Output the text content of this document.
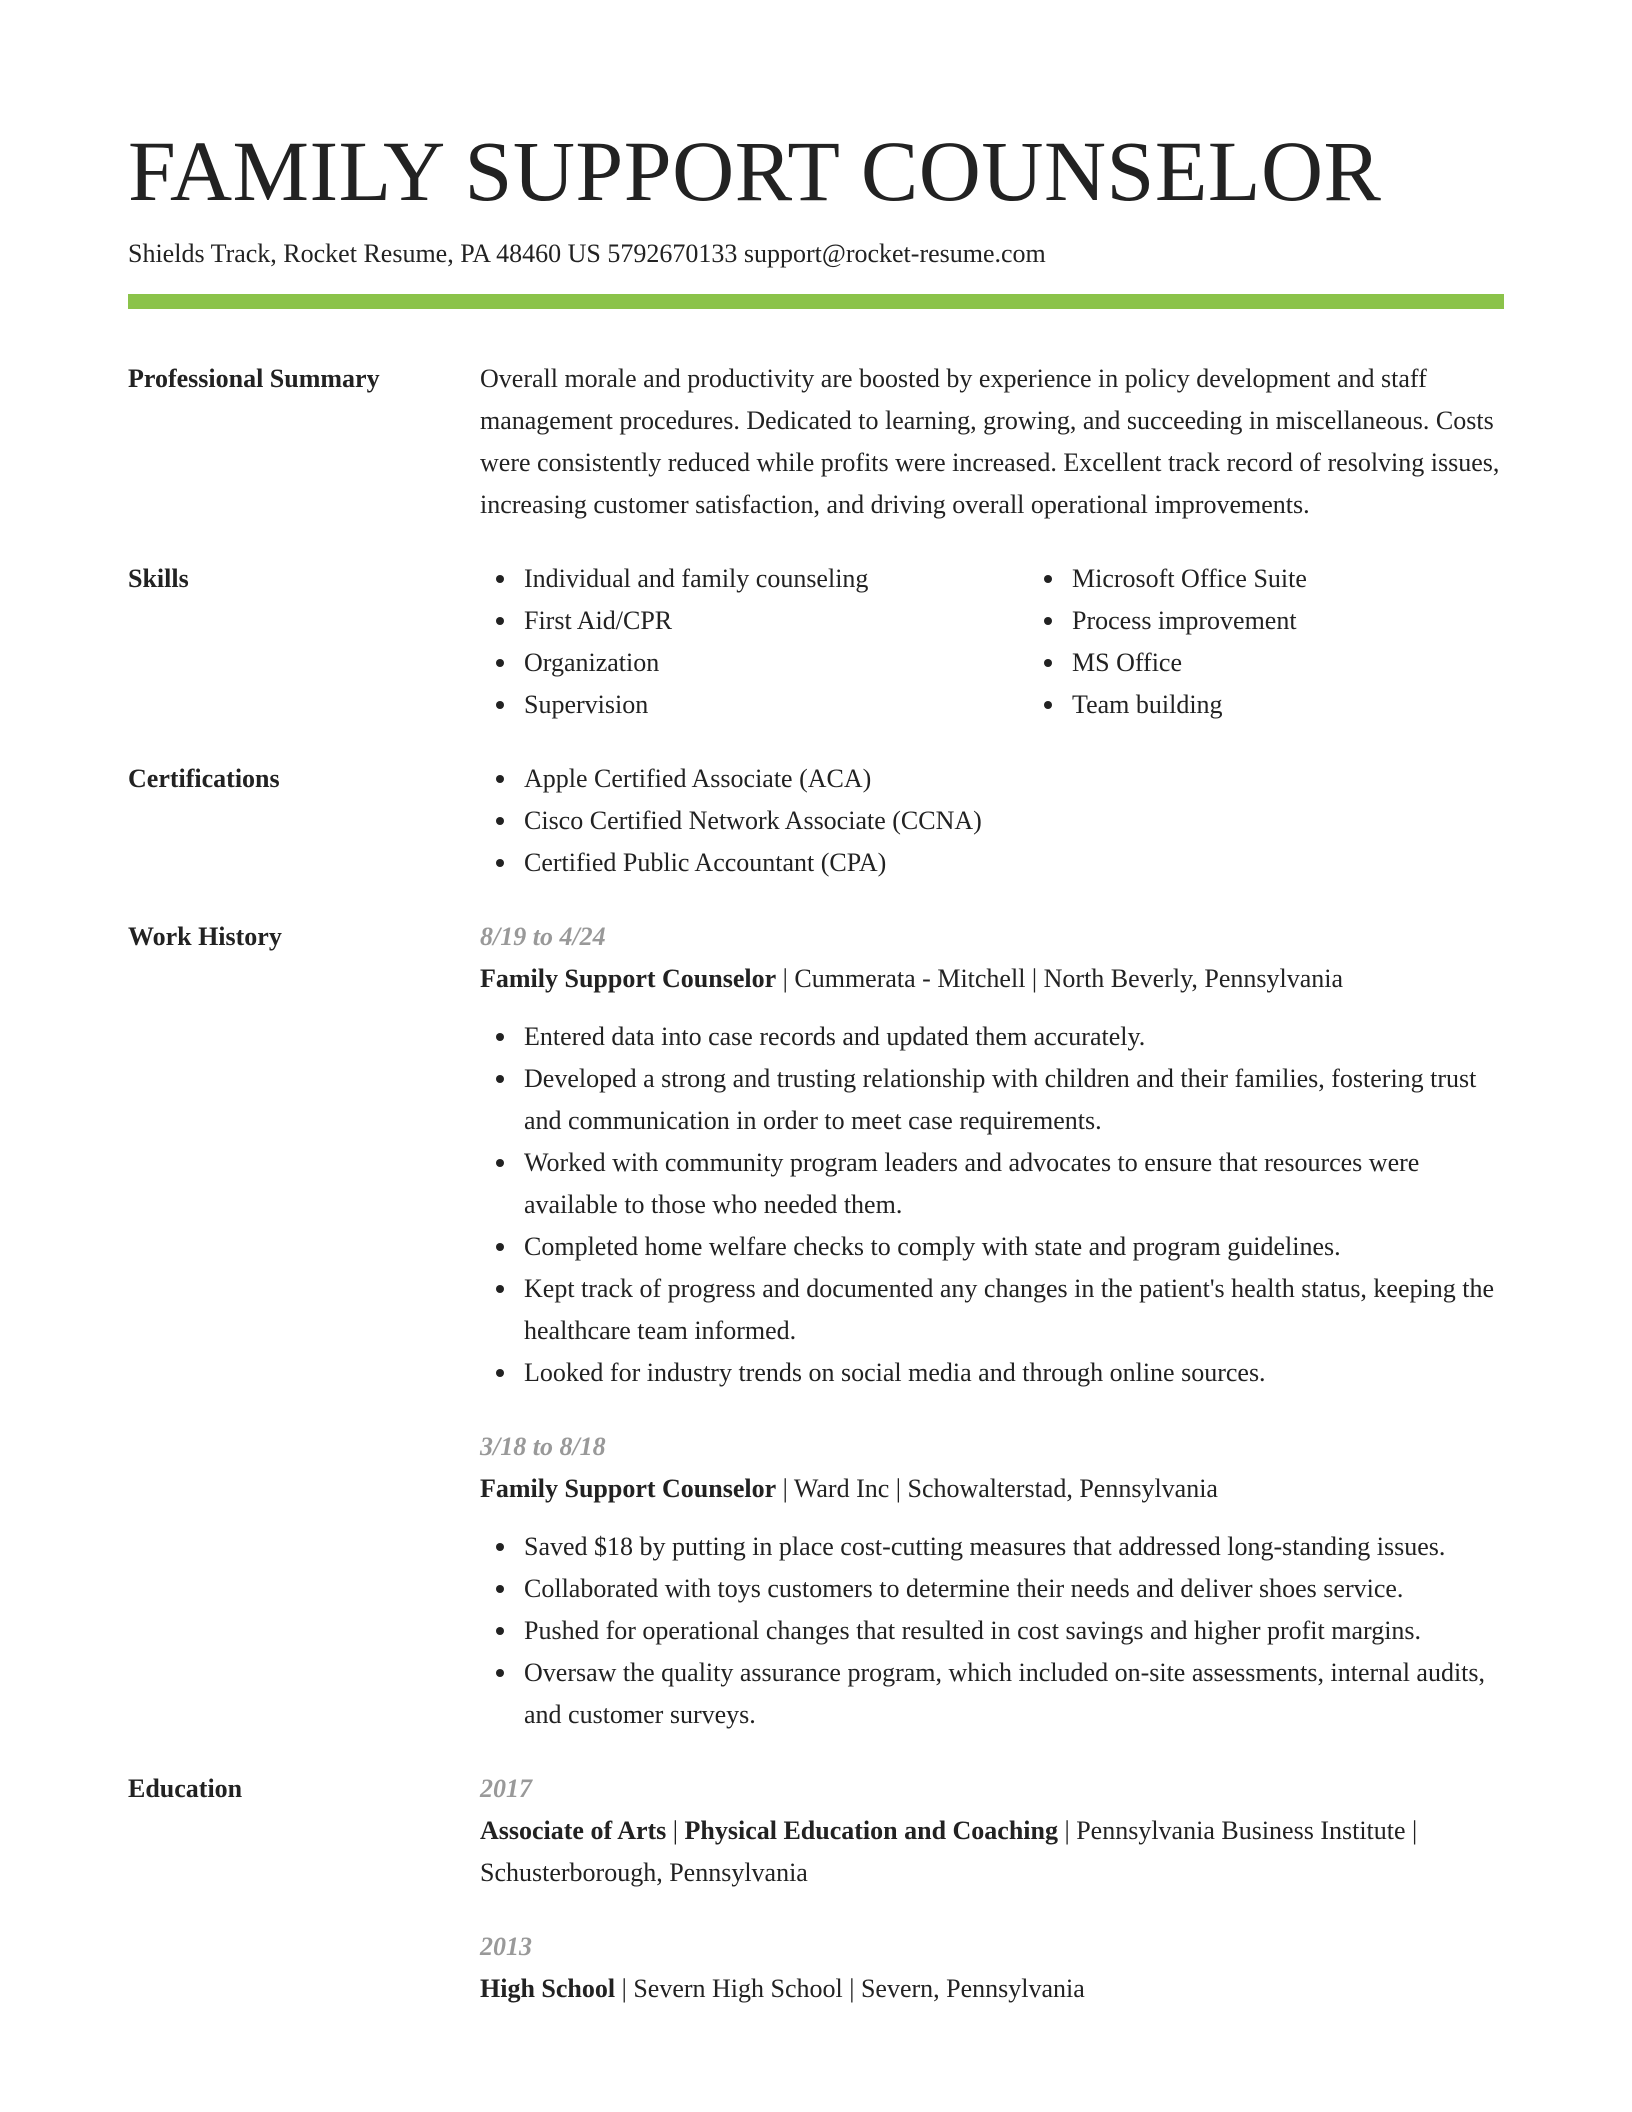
FAMILY SUPPORT COUNSELOR
Shields Track, Rocket Resume, PA 48460 US 5792670133 support@rocket-resume.com
Professional Summary	Overall morale and productivity are boosted by experience in policy development and staff management procedures. Dedicated to learning, growing, and succeeding in miscellaneous. Costs were consistently reduced while profits were increased. Excellent track record of resolving issues, increasing customer satisfaction, and driving overall operational improvements.
Skills	Individual and family counseling
First Aid/CPR
Organization
Supervision
Microsoft Office Suite
Process improvement
MS Office
Team building
Certifications	Apple Certified Associate (ACA)
Cisco Certified Network Associate (CCNA)
Certified Public Accountant (CPA)
Work History	8/19 to 4/24
Family Support Counselor | Cummerata - Mitchell | North Beverly, Pennsylvania
Entered data into case records and updated them accurately.
Developed a strong and trusting relationship with children and their families, fostering trust and communication in order to meet case requirements.
Worked with community program leaders and advocates to ensure that resources were available to those who needed them.
Completed home welfare checks to comply with state and program guidelines.
Kept track of progress and documented any changes in the patient's health status, keeping the healthcare team informed.
Looked for industry trends on social media and through online sources.
3/18 to 8/18
Family Support Counselor | Ward Inc | Schowalterstad, Pennsylvania
Saved $18 by putting in place cost-cutting measures that addressed long-standing issues.
Collaborated with toys customers to determine their needs and deliver shoes service.
Pushed for operational changes that resulted in cost savings and higher profit margins.
Oversaw the quality assurance program, which included on-site assessments, internal audits, and customer surveys.
Education	2017
Associate of Arts | Physical Education and Coaching | Pennsylvania Business Institute| Schusterborough, Pennsylvania
2013
High School | Severn High School | Severn, Pennsylvania
